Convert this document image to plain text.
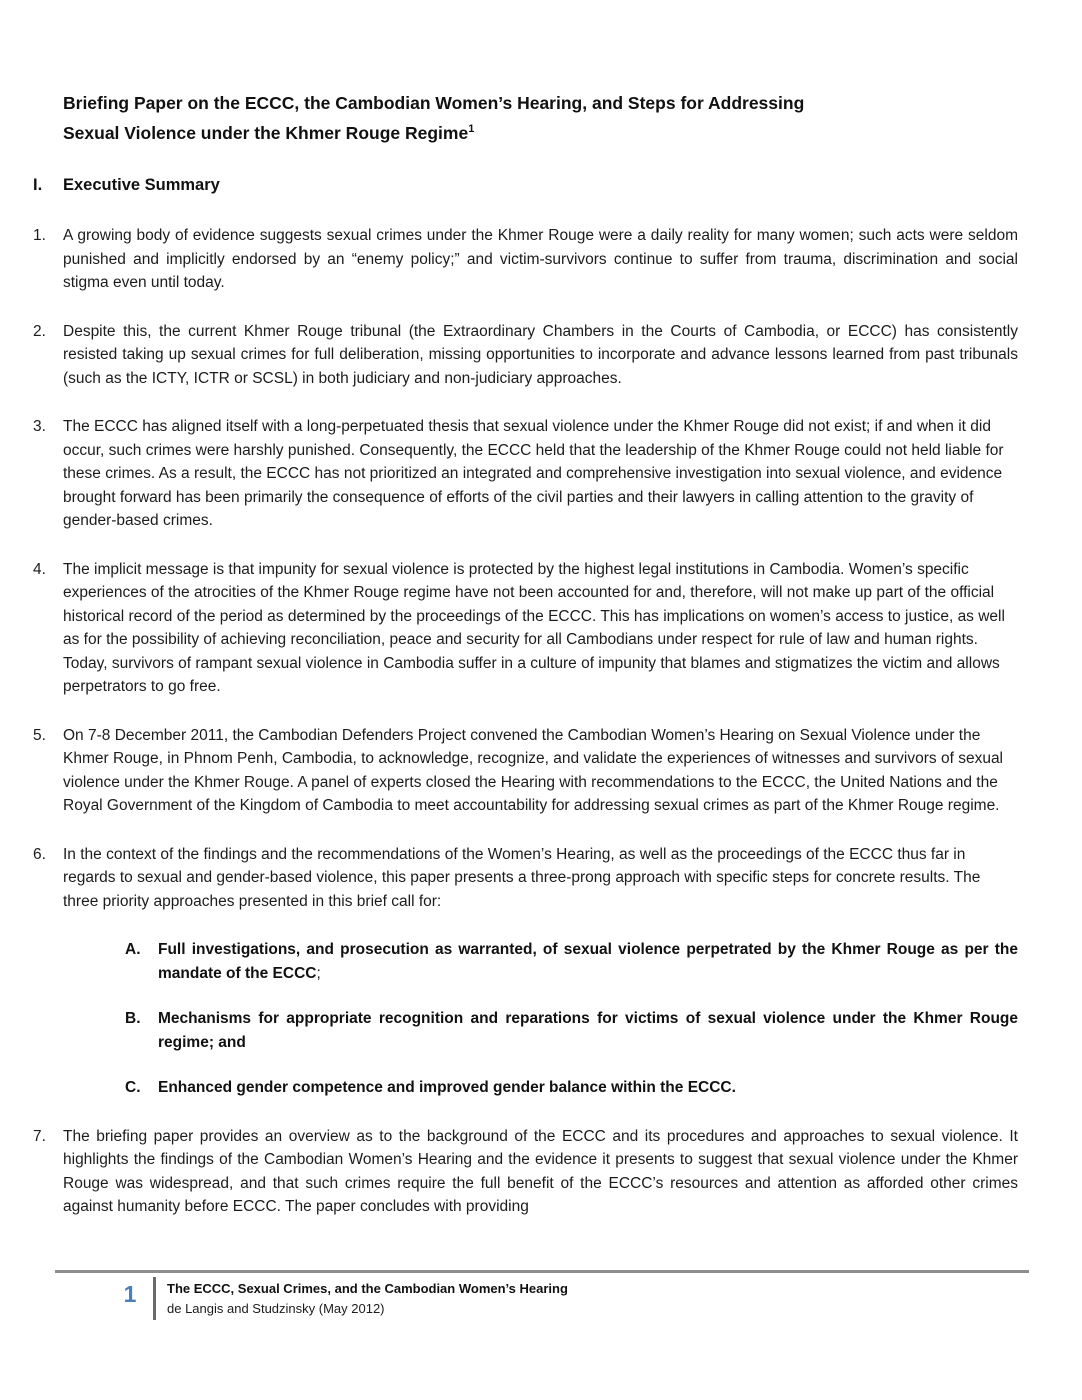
Briefing Paper on the ECCC, the Cambodian Women’s Hearing, and Steps for Addressing
Sexual Violence under the Khmer Rouge Regime$^1$
I.	Executive Summary
1.	A growing body of evidence suggests sexual crimes under the Khmer Rouge were a daily reality for many women; such acts were seldom punished and implicitly endorsed by an “enemy policy;” and victim-survivors continue to suffer from trauma, discrimination and social stigma even until today.
2.	Despite this, the current Khmer Rouge tribunal (the Extraordinary Chambers in the Courts of Cambodia, or ECCC) has consistently resisted taking up sexual crimes for full deliberation, missing opportunities to incorporate and advance lessons learned from past tribunals (such as the ICTY, ICTR or SCSL) in both judiciary and non-judiciary approaches.
3.	The ECCC has aligned itself with a long-perpetuated thesis that sexual violence under the Khmer Rouge did not exist; if and when it did occur, such crimes were harshly punished. Consequently, the ECCC held that the leadership of the Khmer Rouge could not held liable for these crimes. As a result, the ECCC has not prioritized an integrated and comprehensive investigation into sexual violence, and evidence brought forward has been primarily the consequence of efforts of the civil parties and their lawyers in calling attention to the gravity of gender-based crimes.
4.	The implicit message is that impunity for sexual violence is protected by the highest legal institutions in Cambodia. Women’s specific experiences of the atrocities of the Khmer Rouge regime have not been accounted for and, therefore, will not make up part of the official historical record of the period as determined by the proceedings of the ECCC. This has implications on women’s access to justice, as well as for the possibility of achieving reconciliation, peace and security for all Cambodians under respect for rule of law and human rights. Today, survivors of rampant sexual violence in Cambodia suffer in a culture of impunity that blames and stigmatizes the victim and allows perpetrators to go free.
5.	On 7-8 December 2011, the Cambodian Defenders Project convened the Cambodian Women’s Hearing on Sexual Violence under the Khmer Rouge, in Phnom Penh, Cambodia, to acknowledge, recognize, and validate the experiences of witnesses and survivors of sexual violence under the Khmer Rouge. A panel of experts closed the Hearing with recommendations to the ECCC, the United Nations and the Royal Government of the Kingdom of Cambodia to meet accountability for addressing sexual crimes as part of the Khmer Rouge regime.
6.	In the context of the findings and the recommendations of the Women’s Hearing, as well as the proceedings of the ECCC thus far in regards to sexual and gender-based violence, this paper presents a three-prong approach with specific steps for concrete results. The three priority approaches presented in this brief call for:
A.	Full investigations, and prosecution as warranted, of sexual violence perpetrated by the Khmer Rouge as per the mandate of the ECCC;
B.	Mechanisms for appropriate recognition and reparations for victims of sexual violence under the Khmer Rouge regime; and
C.	Enhanced gender competence and improved gender balance within the ECCC.
7.	The briefing paper provides an overview as to the background of the ECCC and its procedures and approaches to sexual violence. It highlights the findings of the Cambodian Women’s Hearing and the evidence it presents to suggest that sexual violence under the Khmer Rouge was widespread, and that such crimes require the full benefit of the ECCC’s resources and attention as afforded other crimes against humanity before ECCC. The paper concludes with providing
1	The ECCC, Sexual Crimes, and the Cambodian Women’s Hearing
de Langis and Studzinsky (May 2012)
